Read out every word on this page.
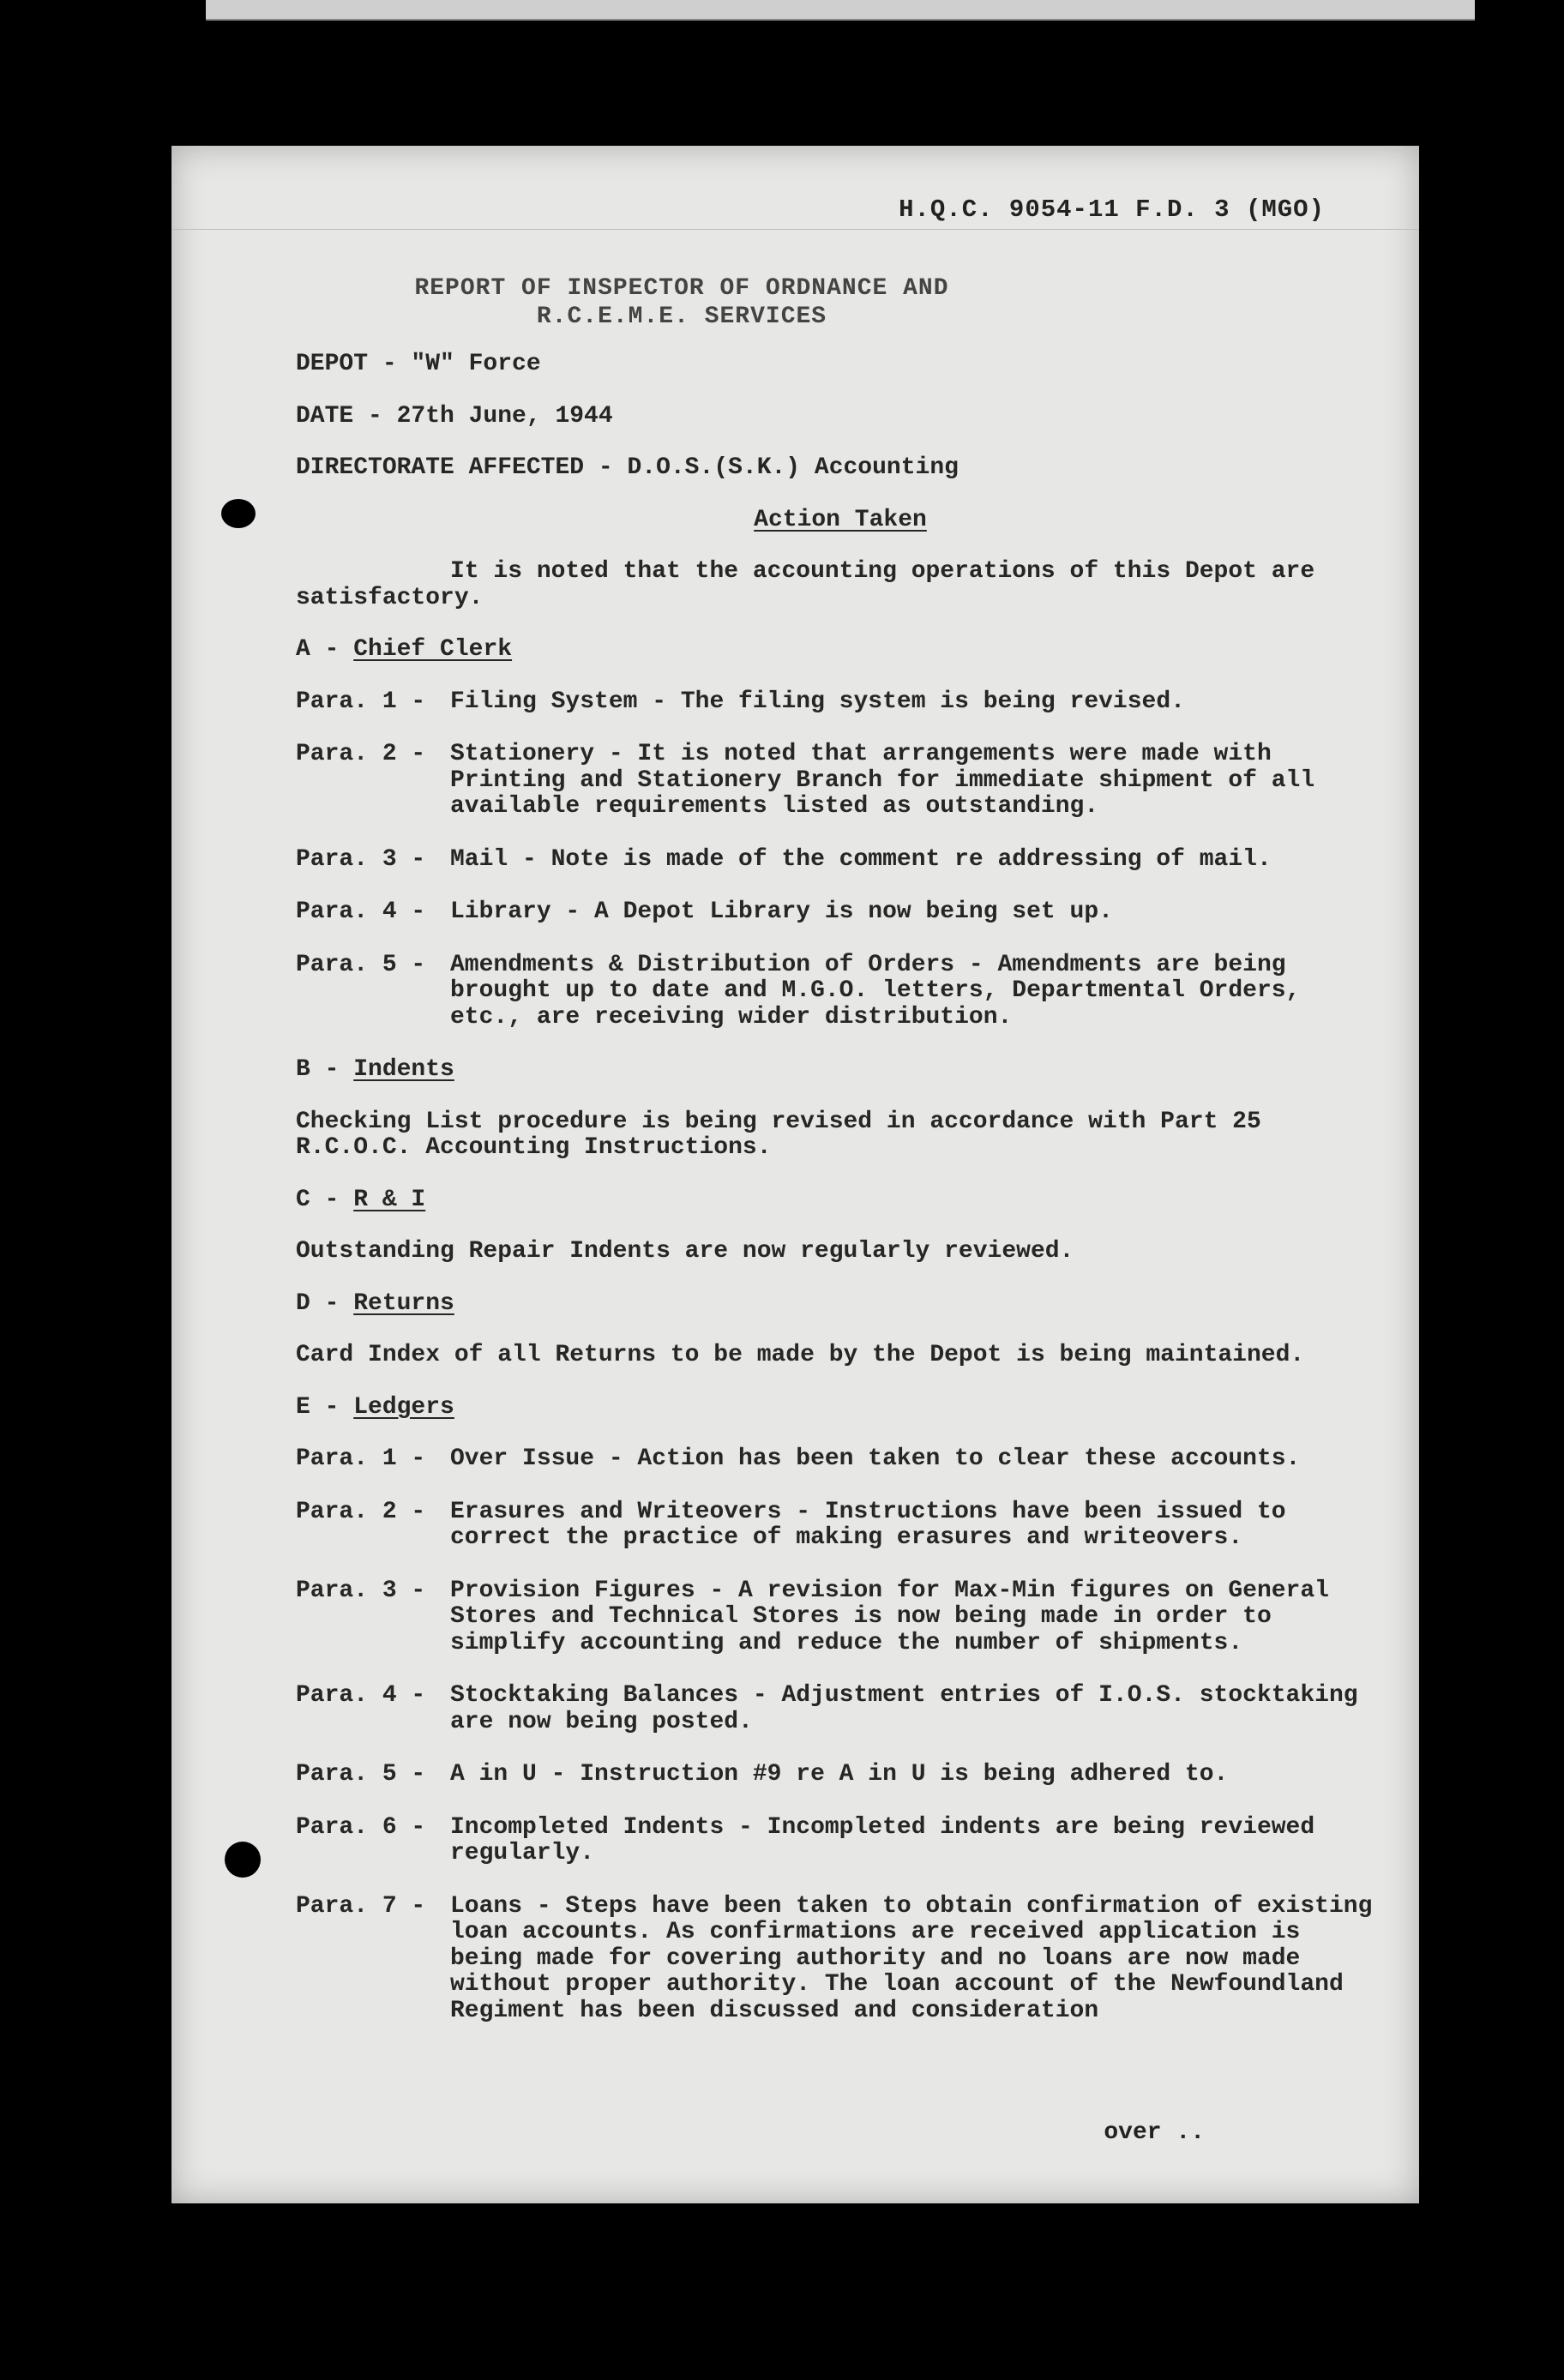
H.Q.C. 9054-11 F.D. 3 (MGO)
REPORT OF INSPECTOR OF ORDNANCE AND
R.C.E.M.E. SERVICES
DEPOT - "W" Force
DATE - 27th June, 1944
DIRECTORATE AFFECTED - D.O.S.(S.K.) Accounting
Action Taken
It is noted that the accounting operations of this Depot are satisfactory.
A - Chief Clerk
Para. 1 - Filing System - The filing system is being revised.
Para. 2 - Stationery - It is noted that arrangements were made with Printing and Stationery Branch for immediate shipment of all available requirements listed as outstanding.
Para. 3 - Mail - Note is made of the comment re addressing of mail.
Para. 4 - Library - A Depot Library is now being set up.
Para. 5 - Amendments & Distribution of Orders - Amendments are being brought up to date and M.G.O. letters, Departmental Orders, etc., are receiving wider distribution.
B - Indents
Checking List procedure is being revised in accordance with Part 25 R.C.O.C. Accounting Instructions.
C - R & I
Outstanding Repair Indents are now regularly reviewed.
D - Returns
Card Index of all Returns to be made by the Depot is being maintained.
E - Ledgers
Para. 1 - Over Issue - Action has been taken to clear these accounts.
Para. 2 - Erasures and Writeovers - Instructions have been issued to correct the practice of making erasures and writeovers.
Para. 3 - Provision Figures - A revision for Max-Min figures on General Stores and Technical Stores is now being made in order to simplify accounting and reduce the number of shipments.
Para. 4 - Stocktaking Balances - Adjustment entries of I.O.S. stocktaking are now being posted.
Para. 5 - A in U - Instruction #9 re A in U is being adhered to.
Para. 6 - Incompleted Indents - Incompleted indents are being reviewed regularly.
Para. 7 - Loans - Steps have been taken to obtain confirmation of existing loan accounts. As confirmations are received application is being made for covering authority and no loans are now made without proper authority. The loan account of the Newfoundland Regiment has been discussed and consideration
over ..
